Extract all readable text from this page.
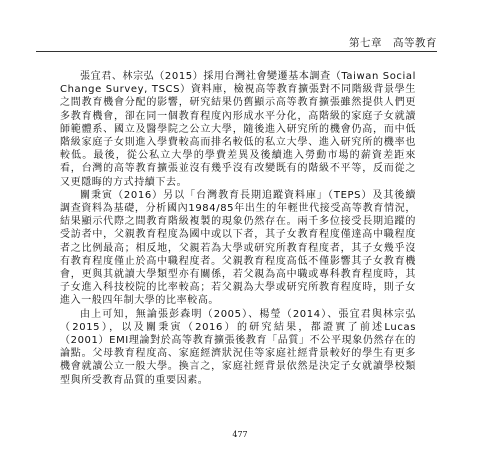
第七章　高等教育

張宜君、林宗弘（2015）採用台灣社會變遷基本調查（Taiwan Social Change Survey, TSCS）資料庫，檢視高等教育擴張對不同階級背景學生之間教育機會分配的影響，研究結果仍舊顯示高等教育擴張雖然提供人們更多教育機會，卻在同一個教育程度內形成水平分化，高階級的家庭子女就讀師範體系、國立及醫學院之公立大學，隨後進入研究所的機會仍高，而中低階級家庭子女則進入學費較高而排名較低的私立大學、進入研究所的機率也較低。最後，從公私立大學的學費差異及後續進入勞動市場的薪資差距來看，台灣的高等教育擴張並沒有幾乎沒有改變既有的階級不平等，反而從之又更隱晦的方式持續下去。

關秉寅（2016）另以「台灣教育長期追蹤資料庫」（TEPS）及其後續調查資料為基礎，分析國內1984/85年出生的年輕世代接受高等教育情況，結果顯示代際之間教育階級複製的現象仍然存在。兩千多位接受長期追蹤的受訪者中，父親教育程度為國中或以下者，其子女教育程度僅達高中職程度者之比例最高；相反地，父親若為大學或研究所教育程度者，其子女幾乎沒有教育程度僅止於高中職程度者。父親教育程度高低不僅影響其子女教育機會，更與其就讀大學類型亦有關係，若父親為高中職或專科教育程度時，其子女進入科技校院的比率較高；若父親為大學或研究所教育程度時，則子女進入一般四年制大學的比率較高。

由上可知，無論張彭森明（2005）、楊瑩（2014）、張宜君與林宗弘（2015），以及關秉寅（2016）的研究結果，都證實了前述Lucas（2001）EMI理論對於高等教育擴張後教育「品質」不公平現象仍然存在的論點。父母教育程度高、家庭經濟狀況佳等家庭社經背景較好的學生有更多機會就讀公立一般大學。換言之，家庭社經背景依然是決定子女就讀學校類型與所受教育品質的重要因素。

477
